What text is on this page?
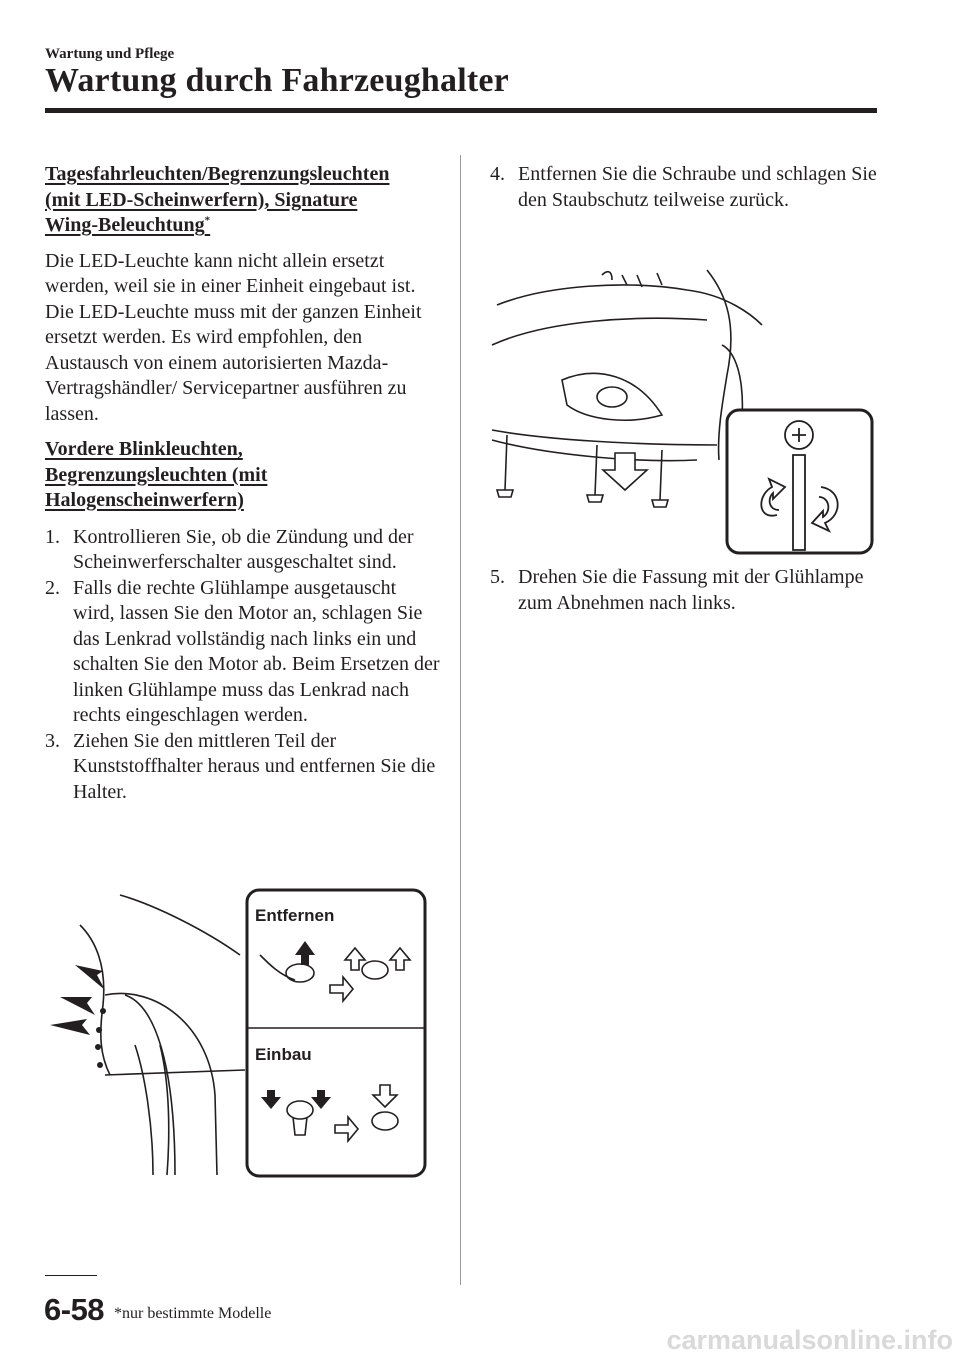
Wartung und Pflege
Wartung durch Fahrzeughalter

Tagesfahrleuchten/Begrenzungsleuchten
(mit LED-Scheinwerfern), Signature
Wing-Beleuchtung*

Die LED-Leuchte kann nicht allein ersetzt werden, weil sie in einer Einheit eingebaut ist. Die LED-Leuchte muss mit der ganzen Einheit ersetzt werden. Es wird empfohlen, den Austausch von einem autorisierten Mazda-Vertragshändler/ Servicepartner ausführen zu lassen.

Vordere Blinkleuchten,
Begrenzungsleuchten (mit
Halogenscheinwerfern)

1. Kontrollieren Sie, ob die Zündung und der Scheinwerferschalter ausgeschaltet sind.
2. Falls die rechte Glühlampe ausgetauscht wird, lassen Sie den Motor an, schlagen Sie das Lenkrad vollständig nach links ein und schalten Sie den Motor ab. Beim Ersetzen der linken Glühlampe muss das Lenkrad nach rechts eingeschlagen werden.
3. Ziehen Sie den mittleren Teil der Kunststoffhalter heraus und entfernen Sie die Halter.
Entfernen
Einbau
4. Entfernen Sie die Schraube und schlagen Sie den Staubschutz teilweise zurück.
5. Drehen Sie die Fassung mit der Glühlampe zum Abnehmen nach links.
6-58 *nur bestimmte Modelle
carmanualsonline.info
